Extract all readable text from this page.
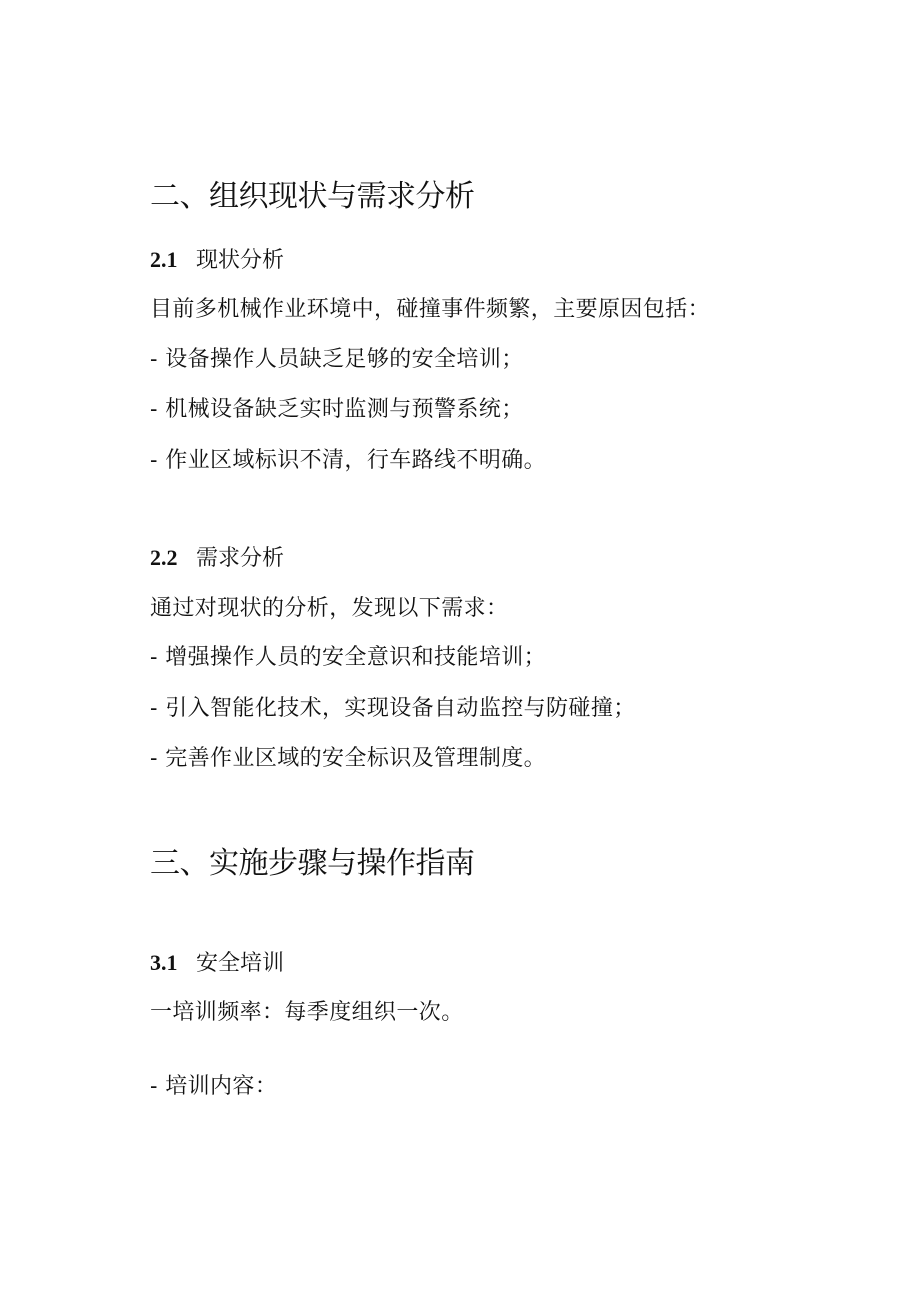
二、组织现状与需求分析
2.1 现状分析

目前多机械作业环境中，碰撞事件频繁，主要原因包括：

- 设备操作人员缺乏足够的安全培训；

- 机械设备缺乏实时监测与预警系统；

- 作业区域标识不清，行车路线不明确。

2.2 需求分析

通过对现状的分析，发现以下需求：

- 增强操作人员的安全意识和技能培训；

- 引入智能化技术，实现设备自动监控与防碰撞；

- 完善作业区域的安全标识及管理制度。

三、实施步骤与操作指南
3.1 安全培训

一培训频率：每季度组织一次。

- 培训内容：
